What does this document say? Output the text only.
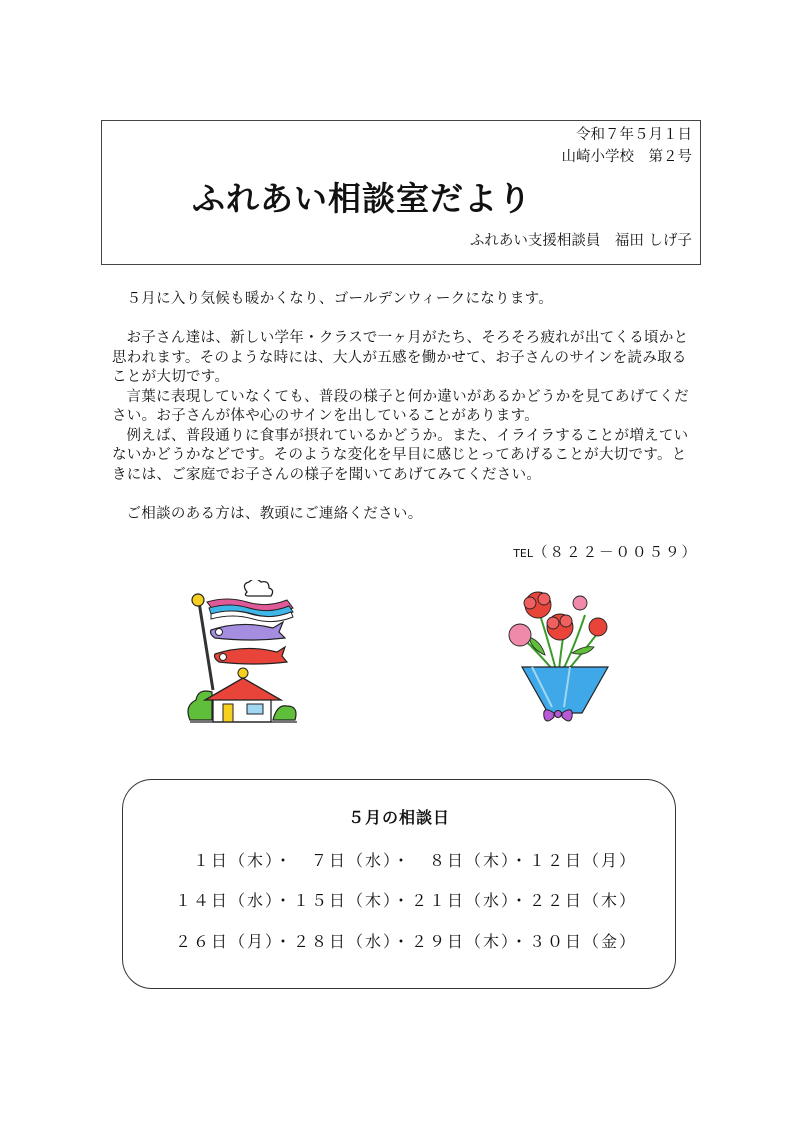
令和７年５月１日
山崎小学校　第２号
ふれあい相談室だより
ふれあい支援相談員　福田 しげ子

５月に入り気候も暖かくなり、ゴールデンウィークになります。

お子さん達は、新しい学年・クラスで一ヶ月がたち、そろそろ疲れが出てくる頃かと思われます。そのような時には、大人が五感を働かせて、お子さんのサインを読み取ることが大切です。

言葉に表現していなくても、普段の様子と何か違いがあるかどうかを見てあげてください。お子さんが体や心のサインを出していることがあります。

例えば、普段通りに食事が摂れているかどうか。また、イライラすることが増えていないかどうかなどです。そのような変化を早目に感じとってあげることが大切です。ときには、ご家庭でお子さんの様子を聞いてあげてみてください。

ご相談のある方は、教頭にご連絡ください。

TEL（８２２－００５９）
５月の相談日
１日（木）・　７日（水）・　８日（木）・１２日（月）
１４日（水）・１５日（木）・２１日（水）・２２日（木）
２６日（月）・２８日（水）・２９日（木）・３０日（金）
